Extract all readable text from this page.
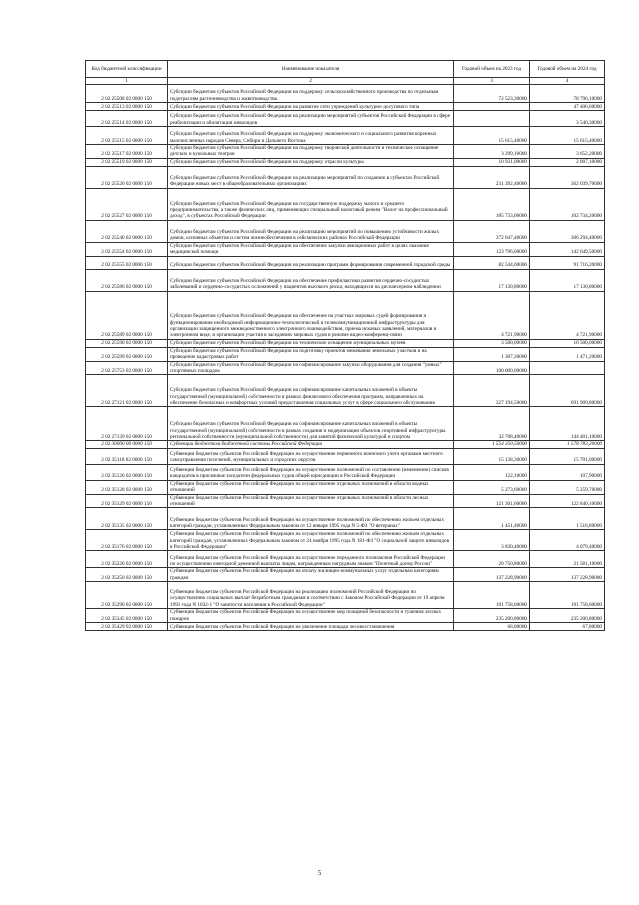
Код бюджетной классификации	Наименование показателя	Годовой объем на 2023 год	Годовой объем на 2024 год
1	2	3	4
2 02 25508 02 0000 150	Субсидии бюджетам субъектов Российской Федерации на поддержку сельскохозяйственного производства по отдельным подотраслям растениеводства и животноводства	72 523,30000	78 796,10000
2 02 25513 02 0000 150	Субсидии бюджетам субъектов Российской Федерации на развитие сети учреждений культурно-досугового типа		47 406,60000
2 02 25514 02 0000 150	Субсидии бюджетам субъектов Российской Федерации на реализацию мероприятий субъектов Российской Федерации в сфере реабилитации и абилитации инвалидов		3 540,30000
2 02 25515 02 0000 150	Субсидии бюджетам субъектов Российской Федерации на поддержку экономического и социального развития коренных малочисленных народов Севера, Сибири и Дальнего Востока	15 615,40000	15 615,40000
2 02 25517 02 0000 150	Субсидии бюджетам субъектов Российской Федерации на поддержку творческой деятельности и техническое оснащение детских и кукольных театров	3 299,10000	3 652,20000
2 02 25519 02 0000 150	Субсидии бюджетам субъектов Российской Федерации на поддержку отрасли культуры	10 931,00000	2 007,10000
2 02 25520 02 0000 150	Субсидии бюджетам субъектов Российской Федерации на реализацию мероприятий по созданию в субъектах Российской Федерации новых мест в общеобразовательных организациях	231 392,40000	362 039,70000
2 02 25527 02 0000 150	Субсидии бюджетам субъектов Российской Федерации на государственную поддержку малого и среднего предпринимательства, а также физических лиц, применяющих специальный налоговый режим "Налог на профессиональный доход", в субъектах Российской Федерации	185 733,00000	102 734,20000
2 02 25540 02 0000 150	Субсидии бюджетам субъектов Российской Федерации на реализацию мероприятий по повышению устойчивости жилых домов, основных объектов и систем жизнеобеспечения в сейсмических районах Российской Федерации	372 047,40000	306 294,40000
2 02 25554 02 0000 150	Субсидии бюджетам субъектов Российской Федерации на обеспечение закупки авиационных работ в целях оказания медицинской помощи	123 796,00000	142 649,50000
2 02 25555 02 0000 150	Субсидии бюджетам субъектов Российской Федерации на реализацию программ формирования современной городской среды	82 544,60000	91 716,20000
2 02 25586 02 0000 150	Субсидии бюджетам субъектов Российской Федерации на обеспечение профилактики развития сердечно-сосудистых заболеваний и сердечно-сосудистых осложнений у пациентов высокого риска, находящихся на диспансерном наблюдении	17 130,80000	17 130,80000
2 02 25589 02 0000 150	Субсидии бюджетам субъектов Российской Федерации на обеспечение на участках мировых судей формирования и функционирования необходимой информационно-технологической и телекоммуникационной инфраструктуры для организации защищенного межведомственного электронного взаимодействия, приема исковых заявлений, материалов и электронном виде, и организации участия в заседаниях мировых судов в режиме видео-конференц-связи	4 721,90000	4 721,90000
2 02 25590 02 0000 150	Субсидии бюджетам субъектов Российской Федерации на техническое оснащение муниципальных музеев	3 500,00000	16 500,00000
2 02 25599 02 0000 150	Субсидии бюджетам субъектов Российской Федерации на подготовку проектов межевания земельных участков и на проведение кадастровых работ	1 307,30000	1 471,20000
2 02 25753 02 0000 150	Субсидии бюджетам субъектов Российской Федерации на софинансирование закупки оборудования для создания "умных" спортивных площадок	100 000,00000	
2 02 27121 02 0000 150	Субсидии бюджетам субъектов Российской Федерации на софинансирование капитальных вложений в объекты государственной (муниципальной) собственности в рамках финансового обеспечения программ, направленных на обеспечение безопасных и комфортных условий предоставления социальных услуг в сфере социального обслуживания	327 194,50000	691 909,80000
2 02 27139 02 0000 150	Субсидии бюджетам субъектов Российской Федерации на софинансирование капитальных вложений в объекты государственной (муниципальной) собственности в рамках создания и модернизации объектов спортивной инфраструктуры региональной собственности (муниципальной собственности) для занятий физической культурой и спортом	32 708,40000	144 401,10000
2 02 30000 00 0000 150	Субвенции бюджетам бюджетной системы Российской Федерации	1 554 350,50000	1 578 783,20000
2 02 35118 02 0000 150	Субвенции бюджетам субъектов Российской Федерации на осуществление первичного воинского учета органами местного самоуправления поселений, муниципальных и городских округов	15 138,30000	15 701,00000
2 02 35120 02 0000 150	Субвенции бюджетам субъектов Российской Федерации на осуществление полномочий по составлению (изменению) списков кандидатов в присяжные заседатели федеральных судов общей юрисдикции в Российской Федерации	122,10000	107,90000
2 02 35128 02 0000 150	Субвенции бюджетам субъектов Российской Федерации на осуществление отдельных полномочий в области водных отношений	5 273,60000	5 259,70000
2 02 35129 02 0000 150	Субвенции бюджетам субъектов Российской Федерации на осуществление отдельных полномочий в области лесных отношений	121 301,60000	122 840,10000
2 02 35135 02 0000 150	Субвенции бюджетам субъектов Российской Федерации на осуществление полномочий по обеспечению жильем отдельных категорий граждан, установленных Федеральным законом от 12 января 1995 года N 5-ФЗ "О ветеранах"	1 451,40000	1 516,80000
2 02 35176 02 0000 150	Субвенции бюджетам субъектов Российской Федерации на осуществление полномочий по обеспечению жильем отдельных категорий граждан, установленных Федеральным законом от 24 ноября 1995 года N 181-ФЗ "О социальной защите инвалидов в Российской Федерации"	3 830,40000	4 079,40000
2 02 35220 02 0000 150	Субвенции бюджетам субъектов Российской Федерации на осуществление переданного полномочия Российской Федерации по осуществлению ежегодной денежной выплаты лицам, награжденным нагрудным знаком "Почетный донор России"	20 750,80000	21 581,10000
2 02 35250 02 0000 150	Субвенции бюджетам субъектов Российской Федерации на оплату жилищно-коммунальных услуг отдельным категориям граждан	137 228,90000	137 228,90000
2 02 35290 02 0000 150	Субвенции бюджетам субъектов Российской Федерации на реализацию полномочий Российской Федерации по осуществлению социальных выплат безработным гражданам в соответствии с Законом Российской Федерации от 19 апреля 1991 года N 1032-1 "О занятости населения в Российской Федерации"	191 758,60000	191 758,60000
2 02 35345 02 0000 150	Субвенции бюджетам субъектов Российской Федерации на осуществление мер пожарной безопасности и тушения лесных пожаров	235 200,80000	235 200,80000
2 02 35429 02 0000 150	Субвенции бюджетам субъектов Российской Федерации на увеличение площади лесовосстановления	68,00000	67,80000
5
